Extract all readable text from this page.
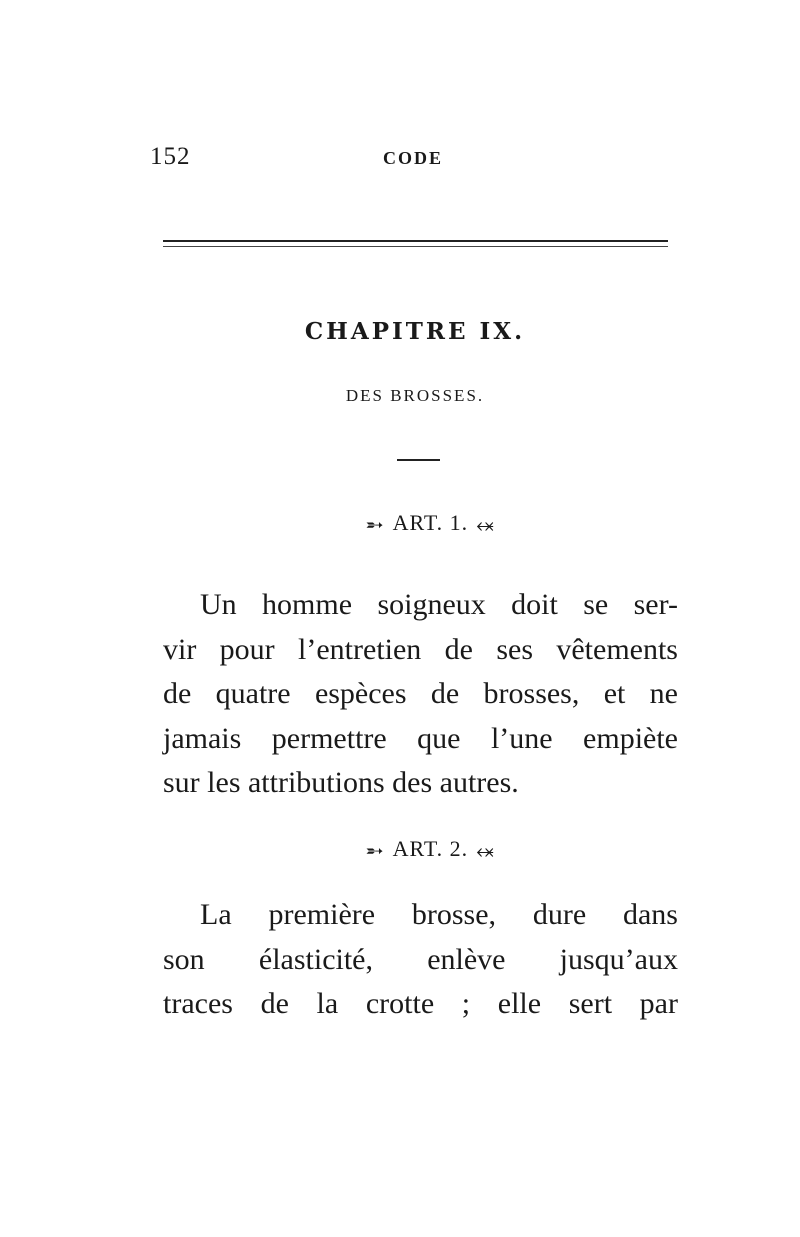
152	CODE
CHAPITRE IX.
DES BROSSES.
➵ ART. 1. ⬾

Un homme soigneux doit se ser-
vir pour l’entretien de ses vêtements
de quatre espèces de brosses, et ne
jamais permettre que l’une empiète
sur les attributions des autres.

➵ ART. 2. ⬾

La première brosse, dure dans
son élasticité, enlève jusqu’aux
traces de la crotte ; elle sert par
